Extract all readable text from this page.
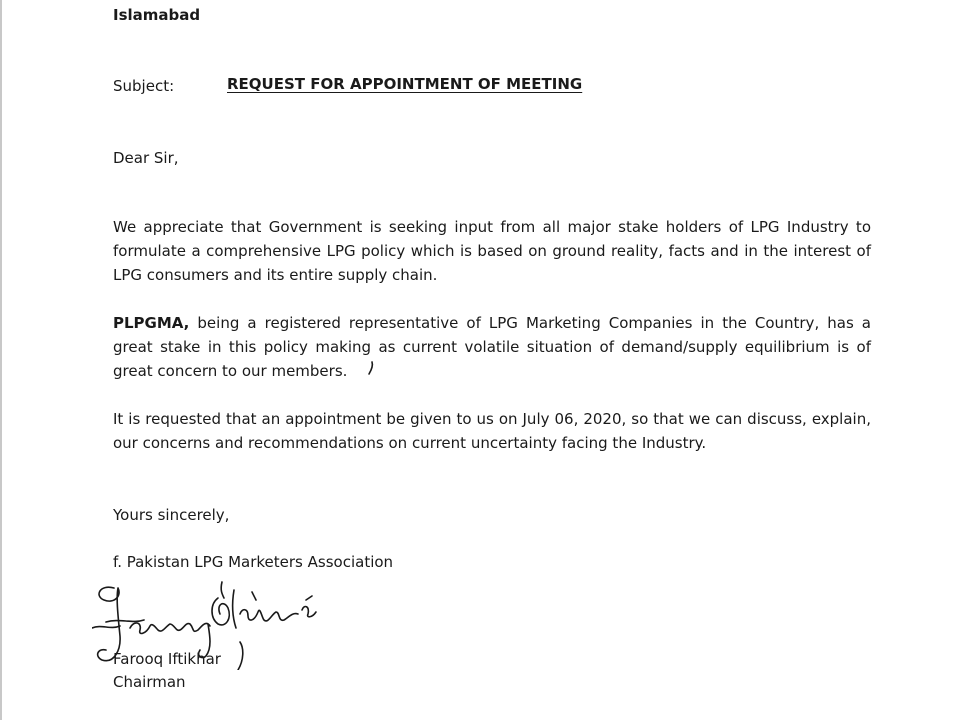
Islamabad
Subject:	REQUEST FOR APPOINTMENT OF MEETING
Dear Sir,

We appreciate that Government is seeking input from all major stake holders of LPG Industry to formulate a comprehensive LPG policy which is based on ground reality, facts and in the interest of LPG consumers and its entire supply chain.

PLPGMA, being a registered representative of LPG Marketing Companies in the Country, has a great stake in this policy making as current volatile situation of demand/supply equilibrium is of great concern to our members.

It is requested that an appointment be given to us on July 06, 2020, so that we can discuss, explain, our concerns and recommendations on current uncertainty facing the Industry.

Yours sincerely,
f. Pakistan LPG Marketers Association
Farooq Iftikhar
Chairman
